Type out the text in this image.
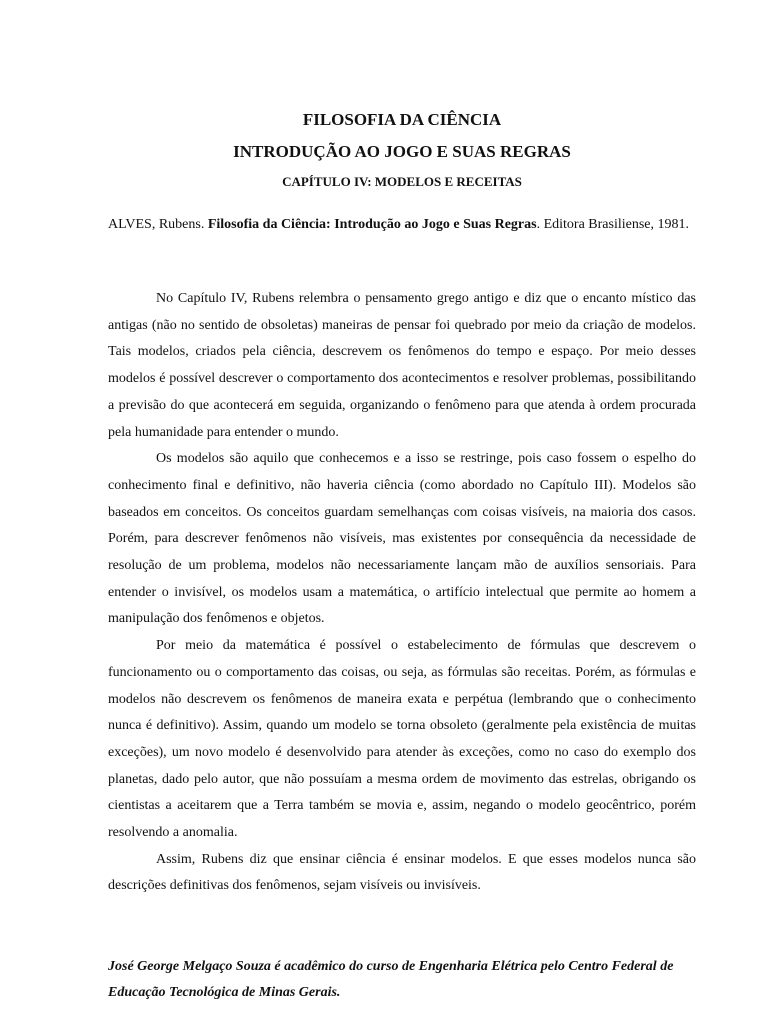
FILOSOFIA DA CIÊNCIA
INTRODUÇÃO AO JOGO E SUAS REGRAS
CAPÍTULO IV: MODELOS E RECEITAS

ALVES, Rubens. Filosofia da Ciência: Introdução ao Jogo e Suas Regras. Editora Brasiliense, 1981.

No Capítulo IV, Rubens relembra o pensamento grego antigo e diz que o encanto místico das antigas (não no sentido de obsoletas) maneiras de pensar foi quebrado por meio da criação de modelos. Tais modelos, criados pela ciência, descrevem os fenômenos do tempo e espaço. Por meio desses modelos é possível descrever o comportamento dos acontecimentos e resolver problemas, possibilitando a previsão do que acontecerá em seguida, organizando o fenômeno para que atenda à ordem procurada pela humanidade para entender o mundo.

Os modelos são aquilo que conhecemos e a isso se restringe, pois caso fossem o espelho do conhecimento final e definitivo, não haveria ciência (como abordado no Capítulo III). Modelos são baseados em conceitos. Os conceitos guardam semelhanças com coisas visíveis, na maioria dos casos. Porém, para descrever fenômenos não visíveis, mas existentes por consequência da necessidade de resolução de um problema, modelos não necessariamente lançam mão de auxílios sensoriais. Para entender o invisível, os modelos usam a matemática, o artifício intelectual que permite ao homem a manipulação dos fenômenos e objetos.

Por meio da matemática é possível o estabelecimento de fórmulas que descrevem o funcionamento ou o comportamento das coisas, ou seja, as fórmulas são receitas. Porém, as fórmulas e modelos não descrevem os fenômenos de maneira exata e perpétua (lembrando que o conhecimento nunca é definitivo). Assim, quando um modelo se torna obsoleto (geralmente pela existência de muitas exceções), um novo modelo é desenvolvido para atender às exceções, como no caso do exemplo dos planetas, dado pelo autor, que não possuíam a mesma ordem de movimento das estrelas, obrigando os cientistas a aceitarem que a Terra também se movia e, assim, negando o modelo geocêntrico, porém resolvendo a anomalia.

Assim, Rubens diz que ensinar ciência é ensinar modelos. E que esses modelos nunca são descrições definitivas dos fenômenos, sejam visíveis ou invisíveis.

José George Melgaço Souza é acadêmico do curso de Engenharia Elétrica pelo Centro Federal de Educação Tecnológica de Minas Gerais.
